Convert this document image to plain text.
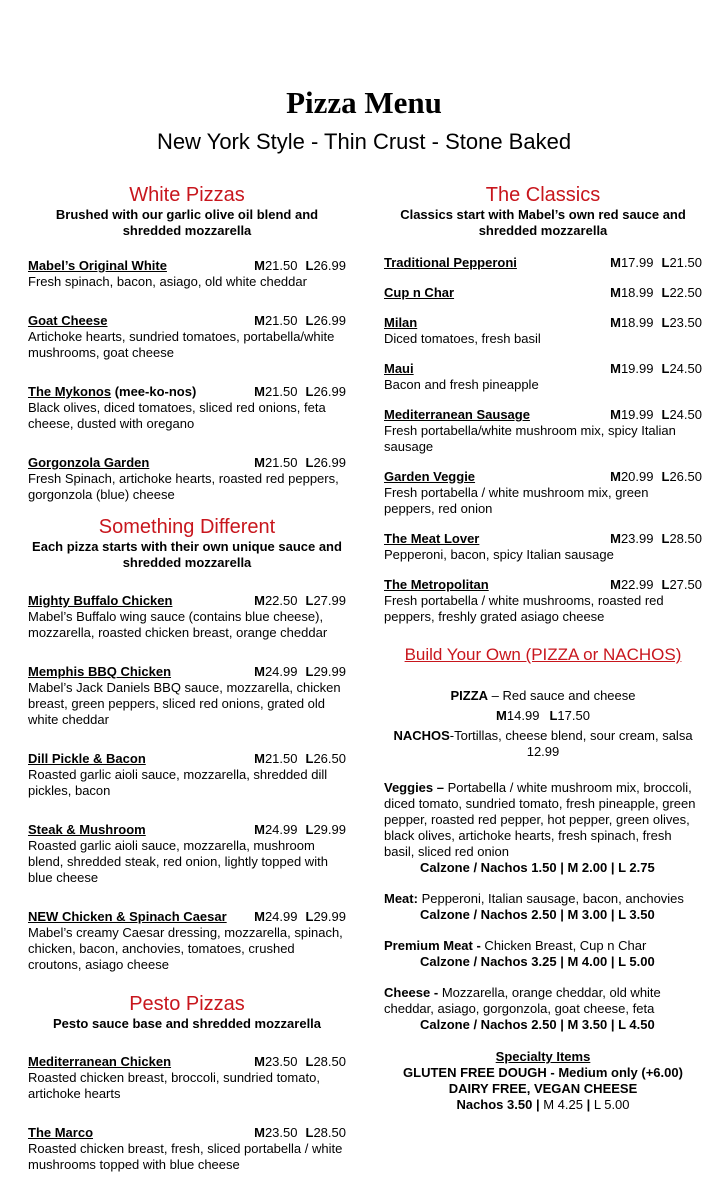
Pizza Menu
New York Style - Thin Crust - Stone Baked
White Pizzas
Brushed with our garlic olive oil blend and shredded mozzarella
Mabel’s Original White	M21.50 L26.99
Fresh spinach, bacon, asiago, old white cheddar
Goat Cheese	M21.50 L26.99
Artichoke hearts, sundried tomatoes, portabella/white mushrooms, goat cheese
The Mykonos (mee-ko-nos)	M21.50 L26.99
Black olives, diced tomatoes, sliced red onions, feta cheese, dusted with oregano
Gorgonzola Garden	M21.50 L26.99
Fresh Spinach, artichoke hearts, roasted red peppers, gorgonzola (blue) cheese
Something Different
Each pizza starts with their own unique sauce and shredded mozzarella
Mighty Buffalo Chicken	M22.50 L27.99
Mabel’s Buffalo wing sauce (contains blue cheese), mozzarella, roasted chicken breast, orange cheddar
Memphis BBQ Chicken	M24.99 L29.99
Mabel’s Jack Daniels BBQ sauce, mozzarella, chicken breast, green peppers, sliced red onions, grated old white cheddar
Dill Pickle & Bacon	M21.50 L26.50
Roasted garlic aioli sauce, mozzarella, shredded dill pickles, bacon
Steak & Mushroom	M24.99 L29.99
Roasted garlic aioli sauce, mozzarella, mushroom blend, shredded steak, red onion, lightly topped with blue cheese
NEW Chicken & Spinach Caesar M24.99 L29.99
Mabel’s creamy Caesar dressing, mozzarella, spinach, chicken, bacon, anchovies, tomatoes, crushed croutons, asiago cheese
Pesto Pizzas
Pesto sauce base and shredded mozzarella
Mediterranean Chicken	M23.50 L28.50
Roasted chicken breast, broccoli, sundried tomato, artichoke hearts
The Marco	M23.50 L28.50
Roasted chicken breast, fresh, sliced portabella / white mushrooms topped with blue cheese
The Classics
Classics start with Mabel’s own red sauce and shredded mozzarella
Traditional Pepperoni	M17.99 L21.50
Cup n Char	M18.99 L22.50
Milan	M18.99 L23.50
Diced tomatoes, fresh basil
Maui	M19.99 L24.50
Bacon and fresh pineapple
Mediterranean Sausage	M19.99 L24.50
Fresh portabella/white mushroom mix, spicy Italian sausage
Garden Veggie	M20.99 L26.50
Fresh portabella / white mushroom mix, green peppers, red onion
The Meat Lover	M23.99 L28.50
Pepperoni, bacon, spicy Italian sausage
The Metropolitan	M22.99 L27.50
Fresh portabella / white mushrooms, roasted red peppers, freshly grated asiago cheese
Build Your Own (PIZZA or NACHOS)
PIZZA – Red sauce and cheese
M14.99 L17.50
NACHOS-Tortillas, cheese blend, sour cream, salsa
12.99
Veggies – Portabella / white mushroom mix, broccoli, diced tomato, sundried tomato, fresh pineapple, green pepper, roasted red pepper, hot pepper, green olives, black olives, artichoke hearts, fresh spinach, fresh basil, sliced red onion
Calzone / Nachos 1.50 | M 2.00 | L 2.75
Meat: Pepperoni, Italian sausage, bacon, anchovies
Calzone / Nachos 2.50 | M 3.00 | L 3.50
Premium Meat - Chicken Breast, Cup n Char
Calzone / Nachos 3.25 | M 4.00 | L 5.00
Cheese - Mozzarella, orange cheddar, old white cheddar, asiago, gorgonzola, goat cheese, feta
Calzone / Nachos 2.50 | M 3.50 | L 4.50
Specialty Items
GLUTEN FREE DOUGH - Medium only (+6.00)
DAIRY FREE, VEGAN CHEESE
Nachos 3.50 | M 4.25 | L 5.00
